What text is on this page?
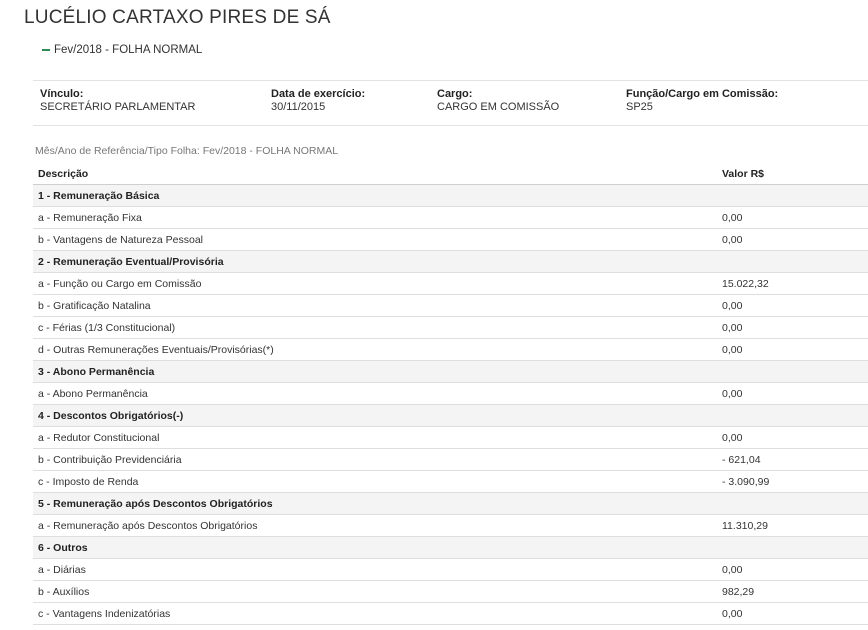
LUCÉLIO CARTAXO PIRES DE SÁ
Fev/2018 - FOLHA NORMAL
Vínculo:
SECRETÁRIO PARLAMENTAR
Data de exercício:
30/11/2015
Cargo:
CARGO EM COMISSÃO
Função/Cargo em Comissão:
SP25
Mês/Ano de Referência/Tipo Folha: Fev/2018 - FOLHA NORMAL
Descrição	Valor R$
1 - Remuneração Básica	
a - Remuneração Fixa	0,00
b - Vantagens de Natureza Pessoal	0,00
2 - Remuneração Eventual/Provisória	
a - Função ou Cargo em Comissão	15.022,32
b - Gratificação Natalina	0,00
c - Férias (1/3 Constitucional)	0,00
d - Outras Remunerações Eventuais/Provisórias(*)	0,00
3 - Abono Permanência	
a - Abono Permanência	0,00
4 - Descontos Obrigatórios(-)	
a - Redutor Constitucional	0,00
b - Contribuição Previdenciária	- 621,04
c - Imposto de Renda	- 3.090,99
5 - Remuneração após Descontos Obrigatórios	
a - Remuneração após Descontos Obrigatórios	11.310,29
6 - Outros	
a - Diárias	0,00
b - Auxílios	982,29
c - Vantagens Indenizatórias	0,00
